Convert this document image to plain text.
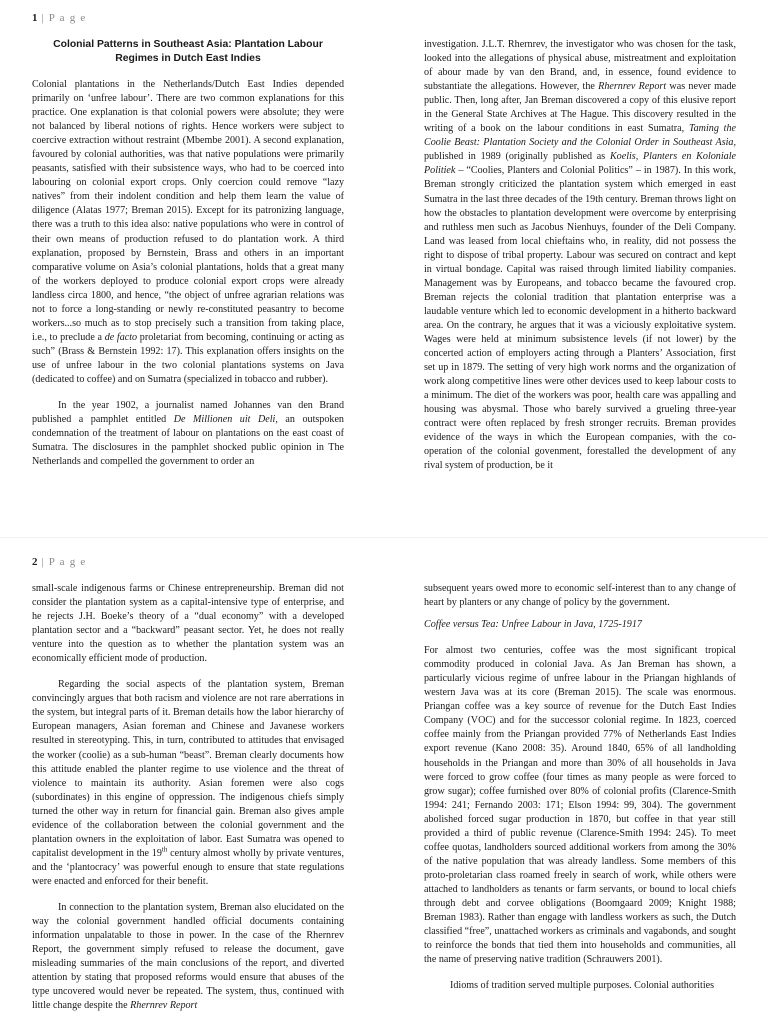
1 | P a g e

Colonial Patterns in Southeast Asia: Plantation Labour Regimes in Dutch East Indies

Colonial plantations in the Netherlands/Dutch East Indies depended primarily on ‘unfree labour’. There are two common explanations for this practice. One explanation is that colonial powers were absolute; they were not balanced by liberal notions of rights. Hence workers were subject to coercive extraction without restraint (Mbembe 2001). A second explanation, favoured by colonial authorities, was that native populations were primarily peasants, satisfied with their subsistence ways, who had to be coerced into labouring on colonial export crops. Only coercion could remove “lazy natives” from their indolent condition and help them learn the value of diligence (Alatas 1977; Breman 2015). Except for its patronizing language, there was a truth to this idea also: native populations who were in control of their own means of production refused to do plantation work. A third explanation, proposed by Bernstein, Brass and others in an important comparative volume on Asia’s colonial plantations, holds that a great many of the workers deployed to produce colonial export crops were already landless circa 1800, and hence, “the object of unfree agrarian relations was not to force a long-standing or newly re-constituted peasantry to become workers...so much as to stop precisely such a transition from taking place, i.e., to preclude a de facto proletariat from becoming, continuing or acting as such” (Brass & Bernstein 1992: 17). This explanation offers insights on the use of unfree labour in the two colonial plantations systems on Java (dedicated to coffee) and on Sumatra (specialized in tobacco and rubber).

In the year 1902, a journalist named Johannes van den Brand published a pamphlet entitled De Millionen uit Deli, an outspoken condemnation of the treatment of labour on plantations on the east coast of Sumatra. The disclosures in the pamphlet shocked public opinion in The Netherlands and compelled the government to order an

investigation. J.L.T. Rhernrev, the investigator who was chosen for the task, looked into the allegations of physical abuse, mistreatment and exploitation of abour made by van den Brand, and, in essence, found evidence to substantiate the allegations. However, the Rhernrev Report was never made public. Then, long after, Jan Breman discovered a copy of this elusive report in the General State Archives at The Hague. This discovery resulted in the writing of a book on the labour conditions in east Sumatra, Taming the Coolie Beast: Plantation Society and the Colonial Order in Southeast Asia, published in 1989 (originally published as Koelis, Planters en Koloniale Politiek – “Coolies, Planters and Colonial Politics” – in 1987). In this work, Breman strongly criticized the plantation system which emerged in east Sumatra in the last three decades of the 19th century. Breman throws light on how the obstacles to plantation development were overcome by enterprising and ruthless men such as Jacobus Nienhuys, founder of the Deli Company. Land was leased from local chieftains who, in reality, did not possess the right to dispose of tribal property. Labour was secured on contract and kept in virtual bondage. Capital was raised through limited liability companies. Management was by Europeans, and tobacco became the favoured crop. Breman rejects the colonial tradition that plantation enterprise was a laudable venture which led to economic development in a hitherto backward area. On the contrary, he argues that it was a viciously exploitative system. Wages were held at minimum subsistence levels (if not lower) by the concerted action of employers acting through a Planters’ Association, first set up in 1879. The setting of very high work norms and the organization of work along competitive lines were other devices used to keep labour costs to a minimum. The diet of the workers was poor, health care was appalling and housing was abysmal. Those who barely survived a grueling three-year contract were often replaced by fresh stronger recruits. Breman provides evidence of the ways in which the European companies, with the co-operation of the colonial govenment, forestalled the development of any rival system of production, be it

2 | P a g e

small-scale indigenous farms or Chinese entrepreneurship. Breman did not consider the plantation system as a capital-intensive type of enterprise, and he rejects J.H. Boeke’s theory of a “dual economy” with a developed plantation sector and a “backward” peasant sector. Yet, he does not really venture into the question as to whether the plantation system was an economically efficient mode of production.

Regarding the social aspects of the plantation system, Breman convincingly argues that both racism and violence are not rare aberrations in the system, but integral parts of it. Breman details how the labor hierarchy of European managers, Asian foreman and Chinese and Javanese workers resulted in stereotyping. This, in turn, contributed to attitudes that envisaged the worker (coolie) as a sub-human “beast”. Breman clearly documents how this attitude enabled the planter regime to use violence and the threat of violence to maintain its authority. Asian foremen were also cogs (subordinates) in this engine of oppression. The indigenous chiefs simply turned the other way in return for financial gain. Breman also gives ample evidence of the collaboration between the colonial government and the plantation owners in the exploitation of labor. East Sumatra was opened to capitalist development in the 19th century almost wholly by private ventures, and the ‘plantocracy’ was powerful enough to ensure that state regulations were enacted and enforced for their benefit.

In connection to the plantation system, Breman also elucidated on the way the colonial government handled official documents containing information unpalatable to those in power. In the case of the Rhernrev Report, the government simply refused to release the document, gave misleading summaries of the main conclusions of the report, and diverted attention by stating that proposed reforms would ensure that abuses of the type uncovered would never be repeated. The system, thus, continued with little change despite the Rhernrev Report

subsequent years owed more to economic self-interest than to any change of heart by planters or any change of policy by the government.

Coffee versus Tea: Unfree Labour in Java, 1725-1917

For almost two centuries, coffee was the most significant tropical commodity produced in colonial Java. As Jan Breman has shown, a particularly vicious regime of unfree labour in the Priangan highlands of western Java was at its core (Breman 2015). The scale was enormous. Priangan coffee was a key source of revenue for the Dutch East Indies Company (VOC) and for the successor colonial regime. In 1823, coerced coffee mainly from the Priangan provided 77% of Netherlands East Indies export revenue (Kano 2008: 35). Around 1840, 65% of all landholding households in the Priangan and more than 30% of all households in Java were forced to grow coffee (four times as many people as were forced to grow sugar); coffee furnished over 80% of colonial profits (Clarence-Smith 1994: 241; Fernando 2003: 171; Elson 1994: 99, 304). The government abolished forced sugar production in 1870, but coffee in that year still provided a third of public revenue (Clarence-Smith 1994: 245). To meet coffee quotas, landholders sourced additional workers from among the 30% of the native population that was already landless. Some members of this proto-proletarian class roamed freely in search of work, while others were attached to landholders as tenants or farm servants, or bound to local chiefs through debt and corvee obligations (Boomgaard 2009; Knight 1988; Breman 1983). Rather than engage with landless workers as such, the Dutch classified “free”, unattached workers as criminals and vagabonds, and sought to reinforce the bonds that tied them into households and communities, all the name of preserving native tradition (Schrauwers 2001).

Idioms of tradition served multiple purposes. Colonial authorities
